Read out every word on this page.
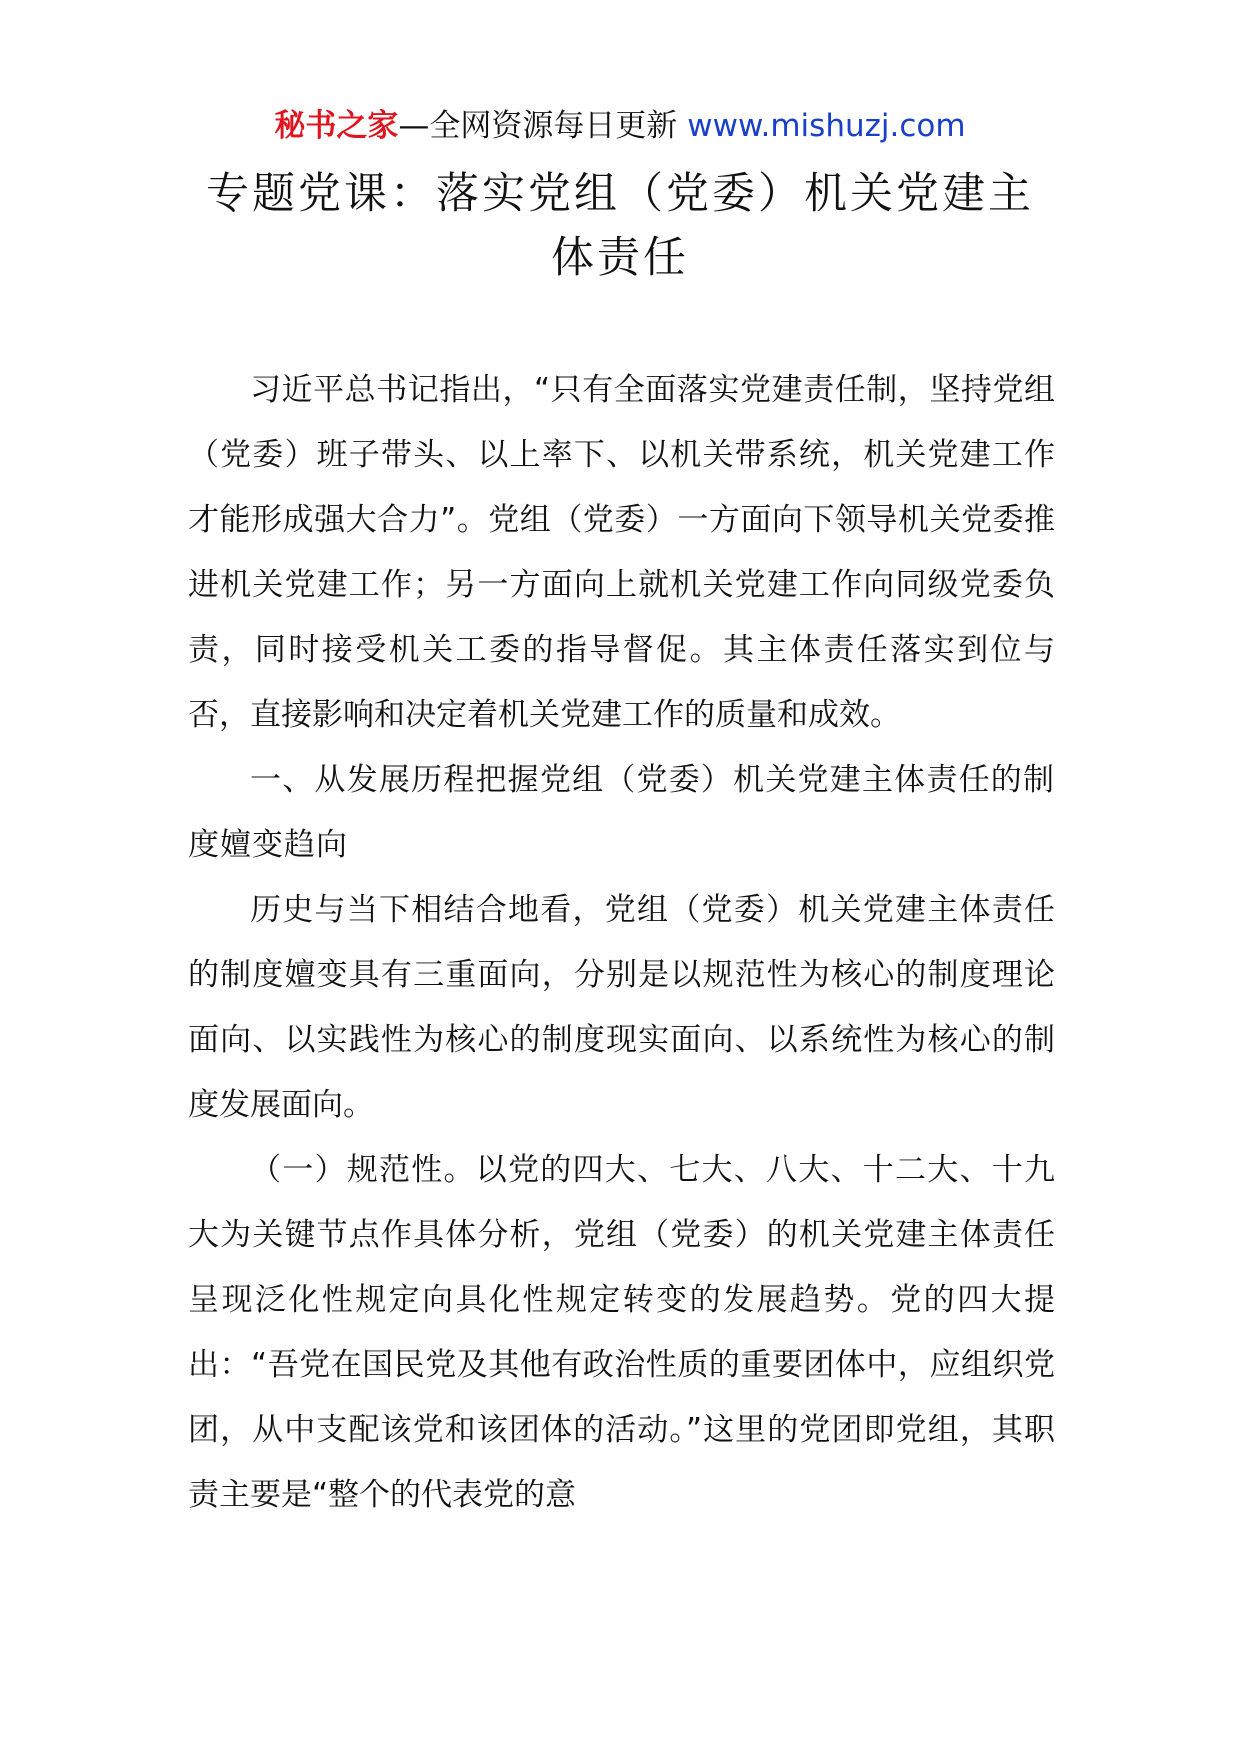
秘书之家—全网资源每日更新 www.mishuzj.com
专题党课：落实党组（党委）机关党建主体责任

习近平总书记指出，“只有全面落实党建责任制，坚持党组（党委）班子带头、以上率下、以机关带系统，机关党建工作才能形成强大合力”。党组（党委）一方面向下领导机关党委推进机关党建工作；另一方面向上就机关党建工作向同级党委负责，同时接受机关工委的指导督促。其主体责任落实到位与否，直接影响和决定着机关党建工作的质量和成效。

一、从发展历程把握党组（党委）机关党建主体责任的制度嬗变趋向

历史与当下相结合地看，党组（党委）机关党建主体责任的制度嬗变具有三重面向，分别是以规范性为核心的制度理论面向、以实践性为核心的制度现实面向、以系统性为核心的制度发展面向。

（一）规范性。以党的四大、七大、八大、十二大、十九大为关键节点作具体分析，党组（党委）的机关党建主体责任呈现泛化性规定向具化性规定转变的发展趋势。党的四大提出：“吾党在国民党及其他有政治性质的重要团体中，应组织党团，从中支配该党和该团体的活动。”这里的党团即党组，其职责主要是“整个的代表党的意
